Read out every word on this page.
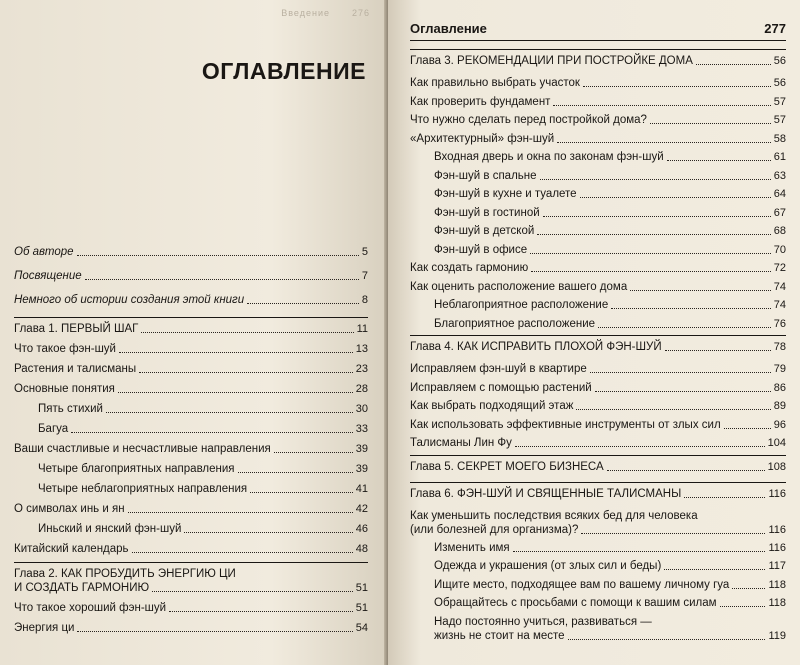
Введение 276
ОГЛАВЛЕНИЕ
Об авторе	5
Посвящение	7
Немного об истории создания этой книги	8
Глава 1. ПЕРВЫЙ ШАГ	11
Что такое фэн-шуй	13
Растения и талисманы	23
Основные понятия	28
Пять стихий	30
Багуа	33
Ваши счастливые и несчастливые направления	39
Четыре благоприятных направления	39
Четыре неблагоприятных направления	41
О символах инь и ян	42
Иньский и янский фэн-шуй	46
Китайский календарь	48
Глава 2. КАК ПРОБУДИТЬ ЭНЕРГИЮ ЦИ
И СОЗДАТЬ ГАРМОНИЮ	51
Что такое хороший фэн-шуй	51
Энергия ци	54
Оглавление	277
Глава 3. РЕКОМЕНДАЦИИ ПРИ ПОСТРОЙКЕ ДОМА	56
Как правильно выбрать участок	56
Как проверить фундамент	57
Что нужно сделать перед постройкой дома?	57
«Архитектурный» фэн-шуй	58
Входная дверь и окна по законам фэн-шуй	61
Фэн-шуй в спальне	63
Фэн-шуй в кухне и туалете	64
Фэн-шуй в гостиной	67
Фэн-шуй в детской	68
Фэн-шуй в офисе	70
Как создать гармонию	72
Как оценить расположение вашего дома	74
Неблагоприятное расположение	74
Благоприятное расположение	76
Глава 4. КАК ИСПРАВИТЬ ПЛОХОЙ ФЭН-ШУЙ	78
Исправляем фэн-шуй в квартире	79
Исправляем с помощью растений	86
Как выбрать подходящий этаж	89
Как использовать эффективные инструменты от злых сил	96
Талисманы Лин Фу	104
Глава 5. СЕКРЕТ МОЕГО БИЗНЕСА	108
Глава 6. ФЭН-ШУЙ И СВЯЩЕННЫЕ ТАЛИСМАНЫ	116
Как уменьшить последствия всяких бед для человека
(или болезней для организма)?	116
Изменить имя	116
Одежда и украшения (от злых сил и беды)	117
Ищите место, подходящее вам по вашему личному гуа	118
Обращайтесь с просьбами с помощи к вашим силам	118
Надо постоянно учиться, развиваться —
жизнь не стоит на месте	119
